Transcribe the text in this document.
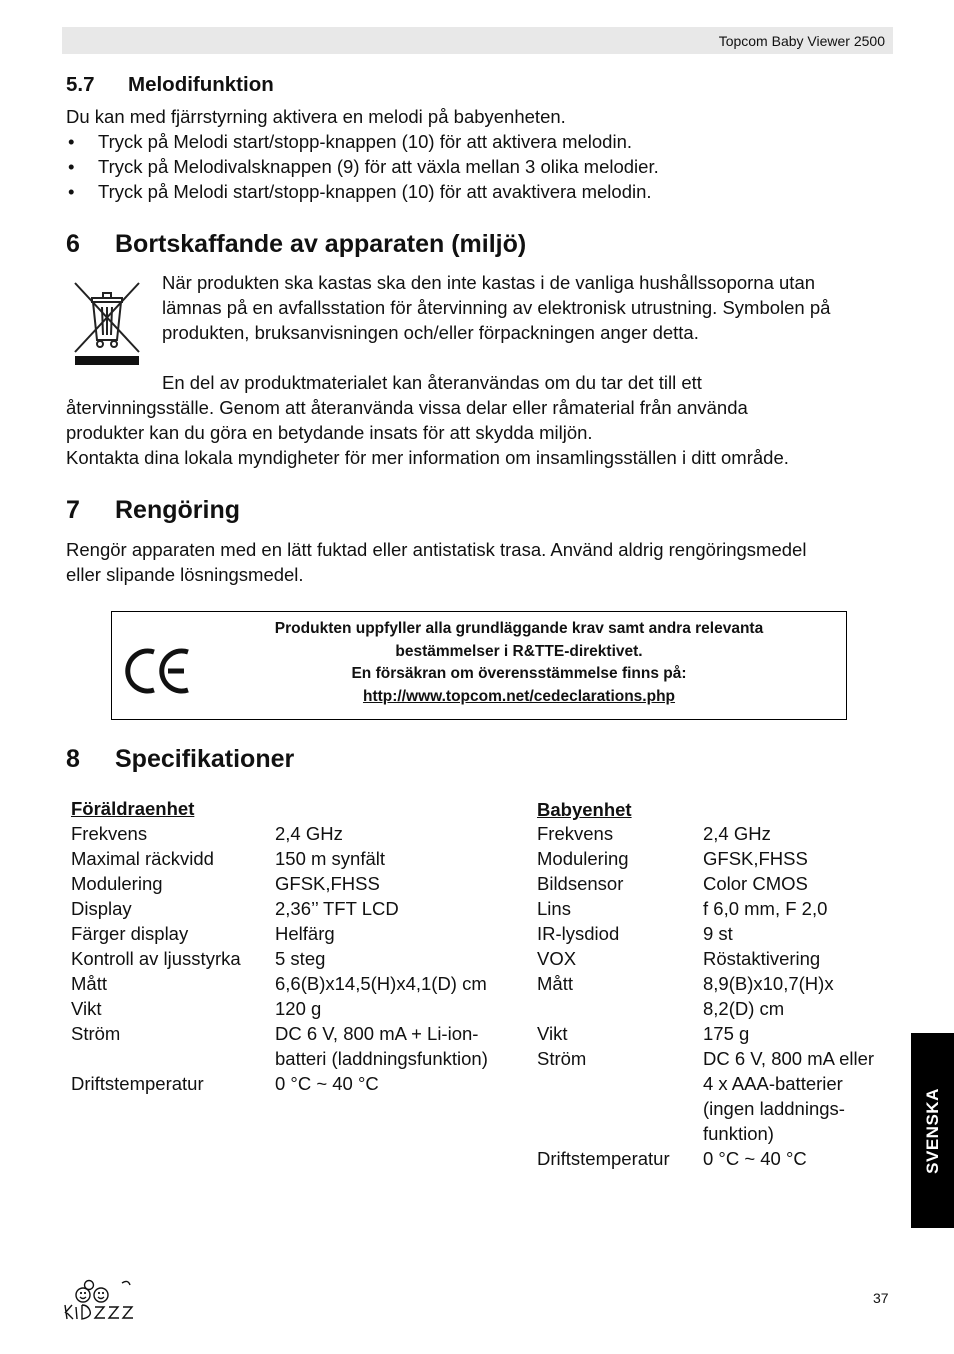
Topcom Baby Viewer 2500
5.7 Melodifunktion
Du kan med fjärrstyrning aktivera en melodi på babyenheten.
• Tryck på Melodi start/stopp-knappen (10) för att aktivera melodin.
• Tryck på Melodivalsknappen (9) för att växla mellan 3 olika melodier.
• Tryck på Melodi start/stopp-knappen (10) för att avaktivera melodin.
6 Bortskaffande av apparaten (miljö)
När produkten ska kastas ska den inte kastas i de vanliga hushållssoporna utan
lämnas på en avfallsstation för återvinning av elektronisk utrustning. Symbolen på
produkten, bruksanvisningen och/eller förpackningen anger detta.
En del av produktmaterialet kan återanvändas om du tar det till ett
återvinningsställe. Genom att återanvända vissa delar eller råmaterial från använda
produkter kan du göra en betydande insats för att skydda miljön.
Kontakta dina lokala myndigheter för mer information om insamlingsställen i ditt område.
7 Rengöring
Rengör apparaten med en lätt fuktad eller antistatisk trasa. Använd aldrig rengöringsmedel
eller slipande lösningsmedel.
Produkten uppfyller alla grundläggande krav samt andra relevanta
bestämmelser i R&TTE-direktivet.
En försäkran om överensstämmelse finns på:
http://www.topcom.net/cedeclarations.php
8 Specifikationer
Föräldraenhet
Frekvens	2,4 GHz
Maximal räckvidd	150 m synfält
Modulering	GFSK,FHSS
Display	2,36’’ TFT LCD
Färger display	Helfärg
Kontroll av ljusstyrka 5 steg
Mått	6,6(B)x14,5(H)x4,1(D) cm
Vikt	120 g
Ström	DC 6 V, 800 mA + Li-ion-
batteri (laddningsfunktion)
Driftstemperatur	0 °C ~ 40 °C
Babyenhet
Frekvens	2,4 GHz
Modulering	GFSK,FHSS
Bildsensor	Color CMOS
Lins	f 6,0 mm, F 2,0
IR-lysdiod	9 st
VOX	Röstaktivering
Mått	8,9(B)x10,7(H)x
8,2(D) cm
Vikt	175 g
Ström	DC 6 V, 800 mA eller
4 x AAA-batterier
(ingen laddnings-
funktion)
Driftstemperatur 0 °C ~ 40 °C	SVENSKA
37
